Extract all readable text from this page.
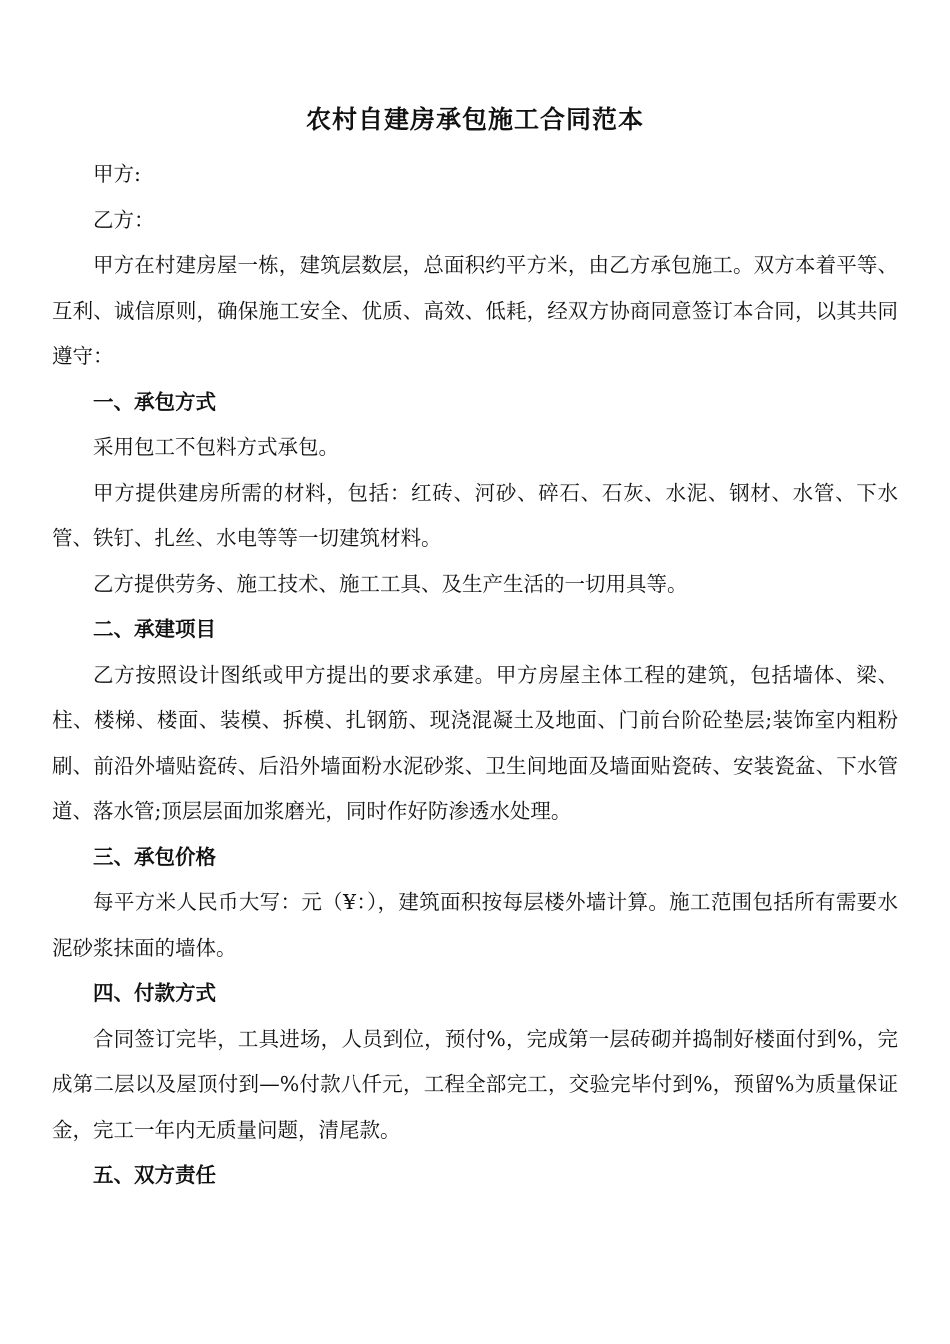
农村自建房承包施工合同范本

甲方:

乙方：

甲方在村建房屋一栋，建筑层数层，总面积约平方米，由乙方承包施工。双方本着平等、互利、诚信原则，确保施工安全、优质、高效、低耗，经双方协商同意签订本合同，以其共同遵守：

一、承包方式

采用包工不包料方式承包。

甲方提供建房所需的材料，包括：红砖、河砂、碎石、石灰、水泥、钢材、水管、下水管、铁钉、扎丝、水电等等一切建筑材料。

乙方提供劳务、施工技术、施工工具、及生产生活的一切用具等。

二、承建项目

乙方按照设计图纸或甲方提出的要求承建。甲方房屋主体工程的建筑，包括墙体、梁、柱、楼梯、楼面、装模、拆模、扎钢筋、现浇混凝土及地面、门前台阶砼垫层;装饰室内粗粉刷、前沿外墙贴瓷砖、后沿外墙面粉水泥砂浆、卫生间地面及墙面贴瓷砖、安装瓷盆、下水管道、落水管;顶层层面加浆磨光，同时作好防渗透水处理。

三、承包价格

每平方米人民币大写：元（¥：），建筑面积按每层楼外墙计算。施工范围包括所有需要水泥砂浆抹面的墙体。

四、付款方式

合同签订完毕，工具进场，人员到位，预付%，完成第一层砖砌并捣制好楼面付到%，完成第二层以及屋顶付到—%付款八仟元，工程全部完工，交验完毕付到%，预留%为质量保证金，完工一年内无质量问题，清尾款。

五、双方责任
